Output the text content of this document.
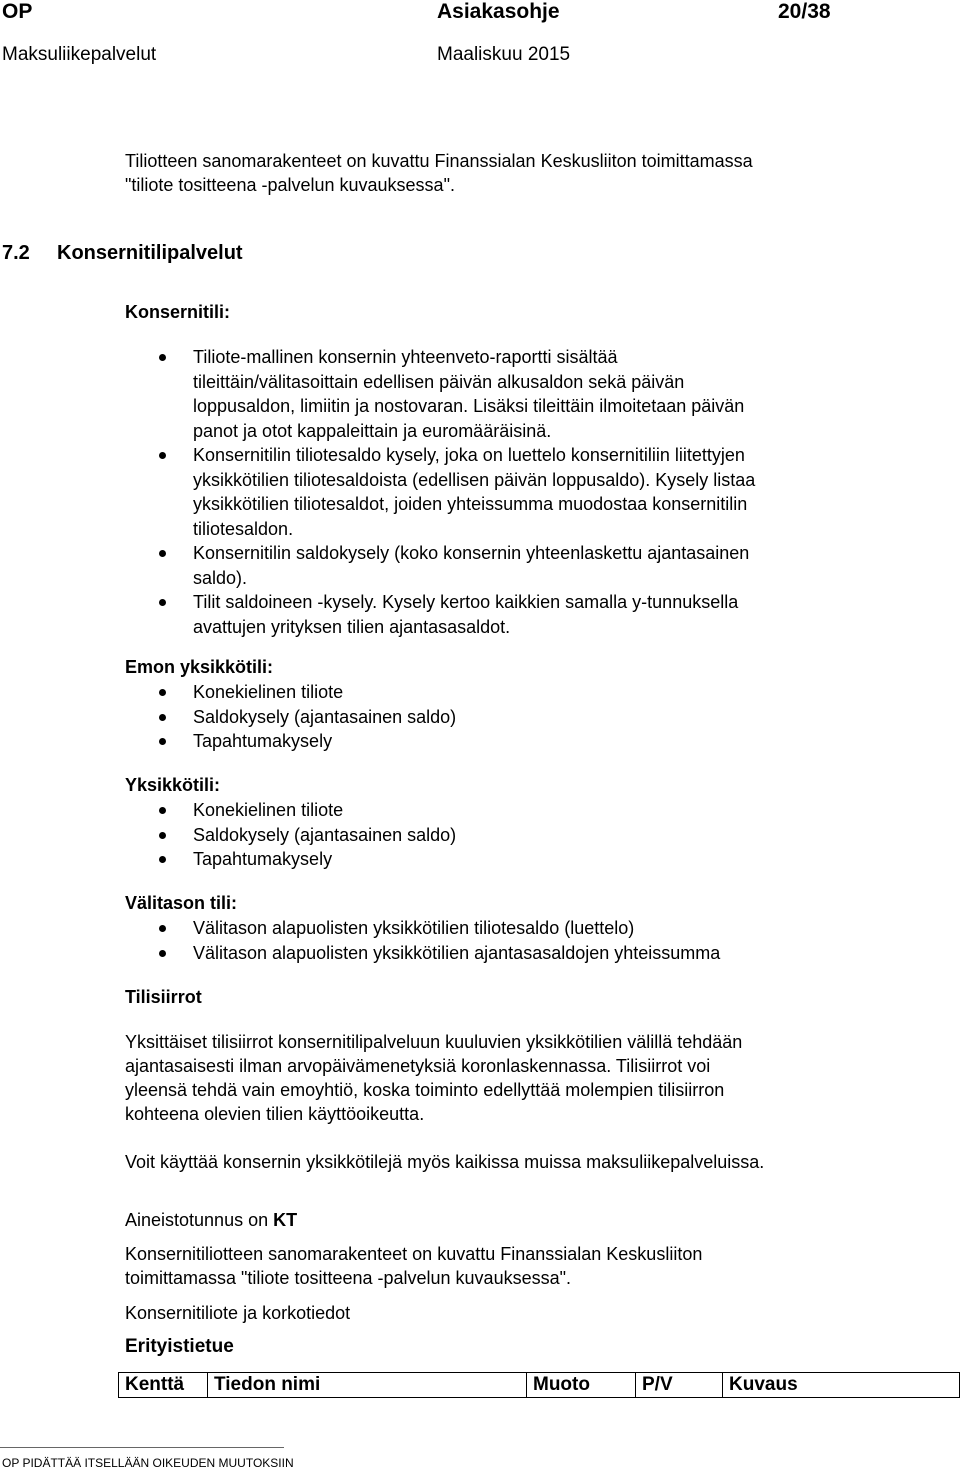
OP	Asiakasohje	20/38
Maksuliikepalvelut	Maaliskuu 2015
Tiliotteen sanomarakenteet on kuvattu Finanssialan Keskusliiton toimittamassa
"tiliote tositteena -palvelun kuvauksessa".
7.2 Konsernitilipalvelut
Konsernitili:
Tiliote-mallinen konsernin yhteenveto-raportti sisältää
tileittäin/välitasoittain edellisen päivän alkusaldon sekä päivän
loppusaldon, limiitin ja nostovaran. Lisäksi tileittäin ilmoitetaan päivän
panot ja otot kappaleittain ja euromääräisinä.
Konsernitilin tiliotesaldo kysely, joka on luettelo konsernitiliin liitettyjen
yksikkötilien tiliotesaldoista (edellisen päivän loppusaldo). Kysely listaa
yksikkötilien tiliotesaldot, joiden yhteissumma muodostaa konsernitilin
tiliotesaldon.
Konsernitilin saldokysely (koko konsernin yhteenlaskettu ajantasainen
saldo).
Tilit saldoineen -kysely. Kysely kertoo kaikkien samalla y-tunnuksella
avattujen yrityksen tilien ajantasasaldot.
Emon yksikkötili:
Konekielinen tiliote
Saldokysely (ajantasainen saldo)
Tapahtumakysely
Yksikkötili:
Konekielinen tiliote
Saldokysely (ajantasainen saldo)
Tapahtumakysely
Välitason tili:
Välitason alapuolisten yksikkötilien tiliotesaldo (luettelo)
Välitason alapuolisten yksikkötilien ajantasasaldojen yhteissumma
Tilisiirrot
Yksittäiset tilisiirrot konsernitilipalveluun kuuluvien yksikkötilien välillä tehdään
ajantasaisesti ilman arvopäivämenetyksiä koronlaskennassa. Tilisiirrot voi
yleensä tehdä vain emoyhtiö, koska toiminto edellyttää molempien tilisiirron
kohteena olevien tilien käyttöoikeutta.
Voit käyttää konsernin yksikkötilejä myös kaikissa muissa maksuliikepalveluissa.
Aineistotunnus on KT
Konsernitiliotteen sanomarakenteet on kuvattu Finanssialan Keskusliiton
toimittamassa "tiliote tositteena -palvelun kuvauksessa".
Konsernitiliote ja korkotiedot
Erityistietue
Kenttä	Tiedon nimi	Muoto	P/V	Kuvaus
OP PIDÄTTÄÄ ITSELLÄÄN OIKEUDEN MUUTOKSIIN
